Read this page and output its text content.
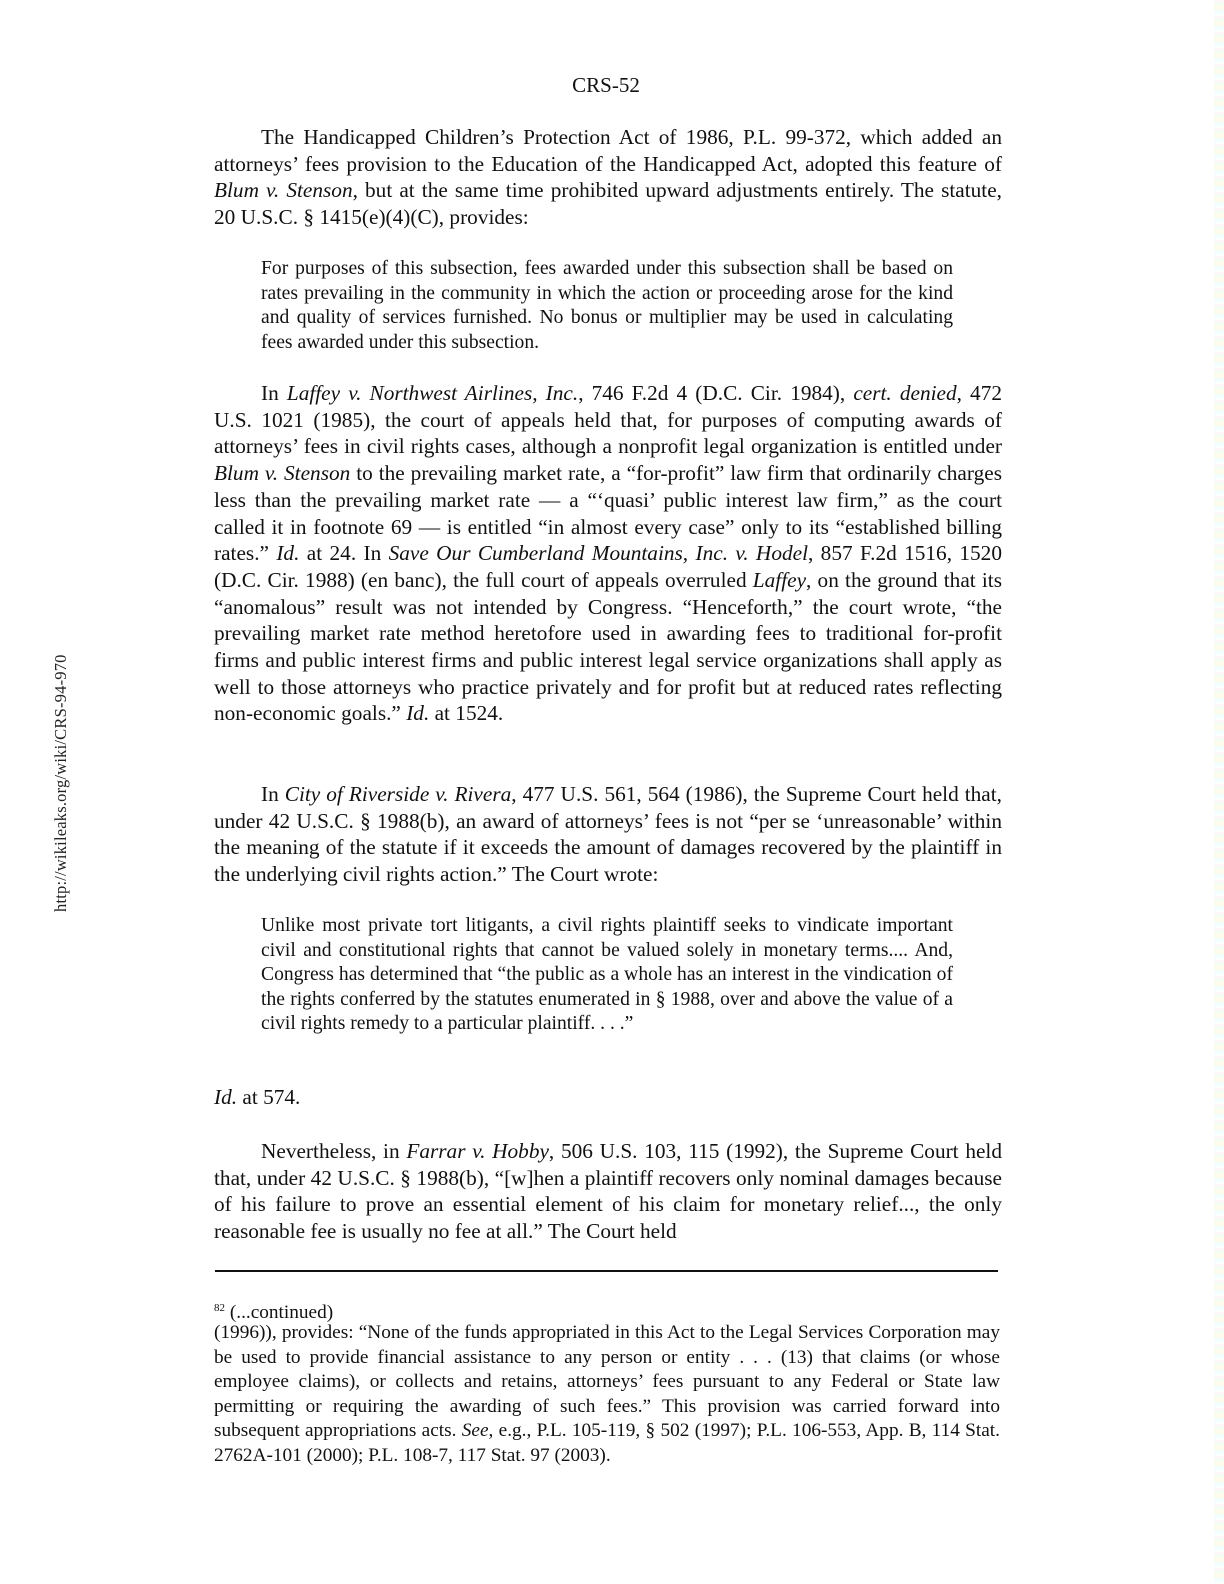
http://wikileaks.org/wiki/CRS-94-970
CRS-52

The Handicapped Children’s Protection Act of 1986, P.L. 99-372, which added an attorneys’ fees provision to the Education of the Handicapped Act, adopted this feature of Blum v. Stenson, but at the same time prohibited upward adjustments entirely. The statute, 20 U.S.C. § 1415(e)(4)(C), provides:

For purposes of this subsection, fees awarded under this subsection shall be based on rates prevailing in the community in which the action or proceeding arose for the kind and quality of services furnished. No bonus or multiplier may be used in calculating fees awarded under this subsection.

In Laffey v. Northwest Airlines, Inc., 746 F.2d 4 (D.C. Cir. 1984), cert. denied, 472 U.S. 1021 (1985), the court of appeals held that, for purposes of computing awards of attorneys’ fees in civil rights cases, although a nonprofit legal organization is entitled under Blum v. Stenson to the prevailing market rate, a “for-profit” law firm that ordinarily charges less than the prevailing market rate — a “‘quasi’ public interest law firm,” as the court called it in footnote 69 — is entitled “in almost every case” only to its “established billing rates.” Id. at 24. In Save Our Cumberland Mountains, Inc. v. Hodel, 857 F.2d 1516, 1520 (D.C. Cir. 1988) (en banc), the full court of appeals overruled Laffey, on the ground that its “anomalous” result was not intended by Congress. “Henceforth,” the court wrote, “the prevailing market rate method heretofore used in awarding fees to traditional for-profit firms and public interest firms and public interest legal service organizations shall apply as well to those attorneys who practice privately and for profit but at reduced rates reflecting non-economic goals.” Id. at 1524.

In City of Riverside v. Rivera, 477 U.S. 561, 564 (1986), the Supreme Court held that, under 42 U.S.C. § 1988(b), an award of attorneys’ fees is not “per se ‘unreasonable’ within the meaning of the statute if it exceeds the amount of damages recovered by the plaintiff in the underlying civil rights action.” The Court wrote:

Unlike most private tort litigants, a civil rights plaintiff seeks to vindicate important civil and constitutional rights that cannot be valued solely in monetary terms.... And, Congress has determined that “the public as a whole has an interest in the vindication of the rights conferred by the statutes enumerated in § 1988, over and above the value of a civil rights remedy to a particular plaintiff. . . .”

Id. at 574.

Nevertheless, in Farrar v. Hobby, 506 U.S. 103, 115 (1992), the Supreme Court held that, under 42 U.S.C. § 1988(b), “[w]hen a plaintiff recovers only nominal damages because of his failure to prove an essential element of his claim for monetary relief..., the only reasonable fee is usually no fee at all.” The Court held

$^{82}$ (...continued)

(1996)), provides: “None of the funds appropriated in this Act to the Legal Services Corporation may be used to provide financial assistance to any person or entity . . . (13) that claims (or whose employee claims), or collects and retains, attorneys’ fees pursuant to any Federal or State law permitting or requiring the awarding of such fees.” This provision was carried forward into subsequent appropriations acts. See, e.g., P.L. 105-119, § 502 (1997); P.L. 106-553, App. B, 114 Stat. 2762A-101 (2000); P.L. 108-7, 117 Stat. 97 (2003).
